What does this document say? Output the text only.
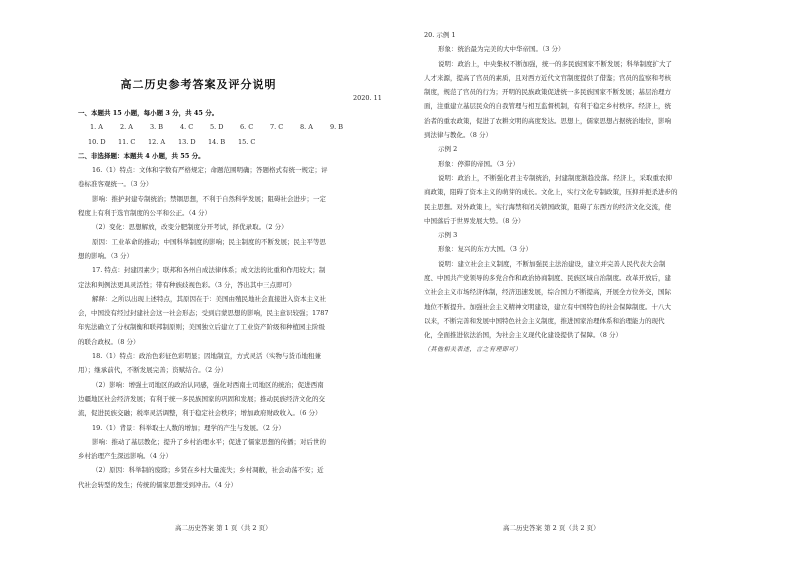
高二历史参考答案及评分说明
2020. 11
一、本题共 15 小题，每小题 3 分，共 45 分。
1. A	2. A	3. B	4. C	5. D	6. C	7. C	8. A	9. B
10. D	11. C	12. A	13. D	14. B	15. C
二、非选择题：本题共 4 小题，共 55 分。
16.（1）特点：文体和字数有严格规定；命题范围明确；答题格式有统一规定；评
卷标准客观统一。（3 分）
影响：推护封建专制统治；禁锢思想，不利于自然科学发展；阻碍社会进步；一定
程度上有利于选官制度的公平和公正。（4 分）
（2）变化：思想解放，改变分肥制度分开考试，择优录取。（2 分）
原因：工业革命的推动；中国科举制度的影响；民主制度的不断发展；民主平等思
想的影响。（3 分）
17. 特点：封建因素少；联邦和各州自成法律体系；成文法的比重和作用较大；制
定法和判例法更具灵活性；带有种族歧视色彩。（3 分，答出其中三点即可）
解释：之所以出现上述特点，其原因在于：美国由殖民地社会直接进入资本主义社
会，中国没有经过封建社会这一社会形态；受到启蒙思想的影响，民主意识较强；1787
年宪法确立了分权制衡和联邦制原则；美国独立后建立了工业资产阶级和种植园主阶级
的联合政权。（8 分）
18.（1）特点：政治色彩征色彩明显；因地制宜，方式灵活（实物与货币地租兼
用）；继承前代，不断发展完善；资赋结合。（2 分）
（2）影响：增强土司地区的政治认同感，强化对西南土司地区的统治；促进西南
边疆地区社会经济发展；有利于统一多民族国家的巩固和发展；推动民族经济文化的交
流，促进民族交融；税率灵活调整，利于稳定社会秩序；增加政府财政收入。（6 分）
19.（1）背景：科举取士人数的增加；理学的产生与发展。（2 分）
影响：推动了基层教化；提升了乡村治理水平；促进了儒家思想的传播；对后世的
乡村治理产生深远影响。（4 分）
（2）原因：科举制的废除；乡贤在乡村大量流失；乡村凋敝，社会动荡不安；近
代社会转型的发生；传统的儒家思想受到冲击。（4 分）
高二历史答案 第 1 页（共 2 页）
20. 示例 1
形象：统治最为完美的大中华帝国。（3 分）
说明：政治上，中央集权不断加强，统一的多民族国家不断发展；科举制度扩大了
人才来源，提高了官员的素质，且对西方近代文官制度提供了借鉴；官员的监察和考核
制度，规范了官员的行为；开明的民族政策促进统一多民族国家不断发展；基层治理方
面，注重建立基层民众的自我管理与相互监督机制，有利于稳定乡村秩序。经济上，统
治者的重农政策，促进了农耕文明的高度发达。思想上，儒家思想占据统治地位，影响
到法律与教化。（8 分）
示例 2
形象：停滞的帝国。（3 分）
说明：政治上，不断强化君主专制统治，封建制度渐趋没落。经济上，采取重农抑
商政策，阻碍了资本主义的萌芽的成长。文化上，实行文化专制政策，压抑并扼杀进步的
民主思想。对外政策上，实行海禁和闭关锁国政策，阻碍了东西方的经济文化交流，使
中国落后于世界发展大势。（8 分）
示例 3
形象：复兴的东方大国。（3 分）
说明：建立社会主义制度，不断加强民主法治建设，建立并完善人民代表大会制
度、中国共产党领导的多党合作和政治协商制度、民族区域自治制度。改革开放后，建
立社会主义市场经济体制，经济迅速发展，综合国力不断提高，开展全方位外交，国际
地位不断提升。加强社会主义精神文明建设，建立有中国特色的社会保障制度。十八大
以来，不断完善和发展中国特色社会主义制度，推进国家治理体系和治理能力的现代
化，全面推进依法治国，为社会主义现代化建设提供了保障。（8 分）
（其他相关表述，言之有理即可）
高二历史答案 第 2 页（共 2 页）
